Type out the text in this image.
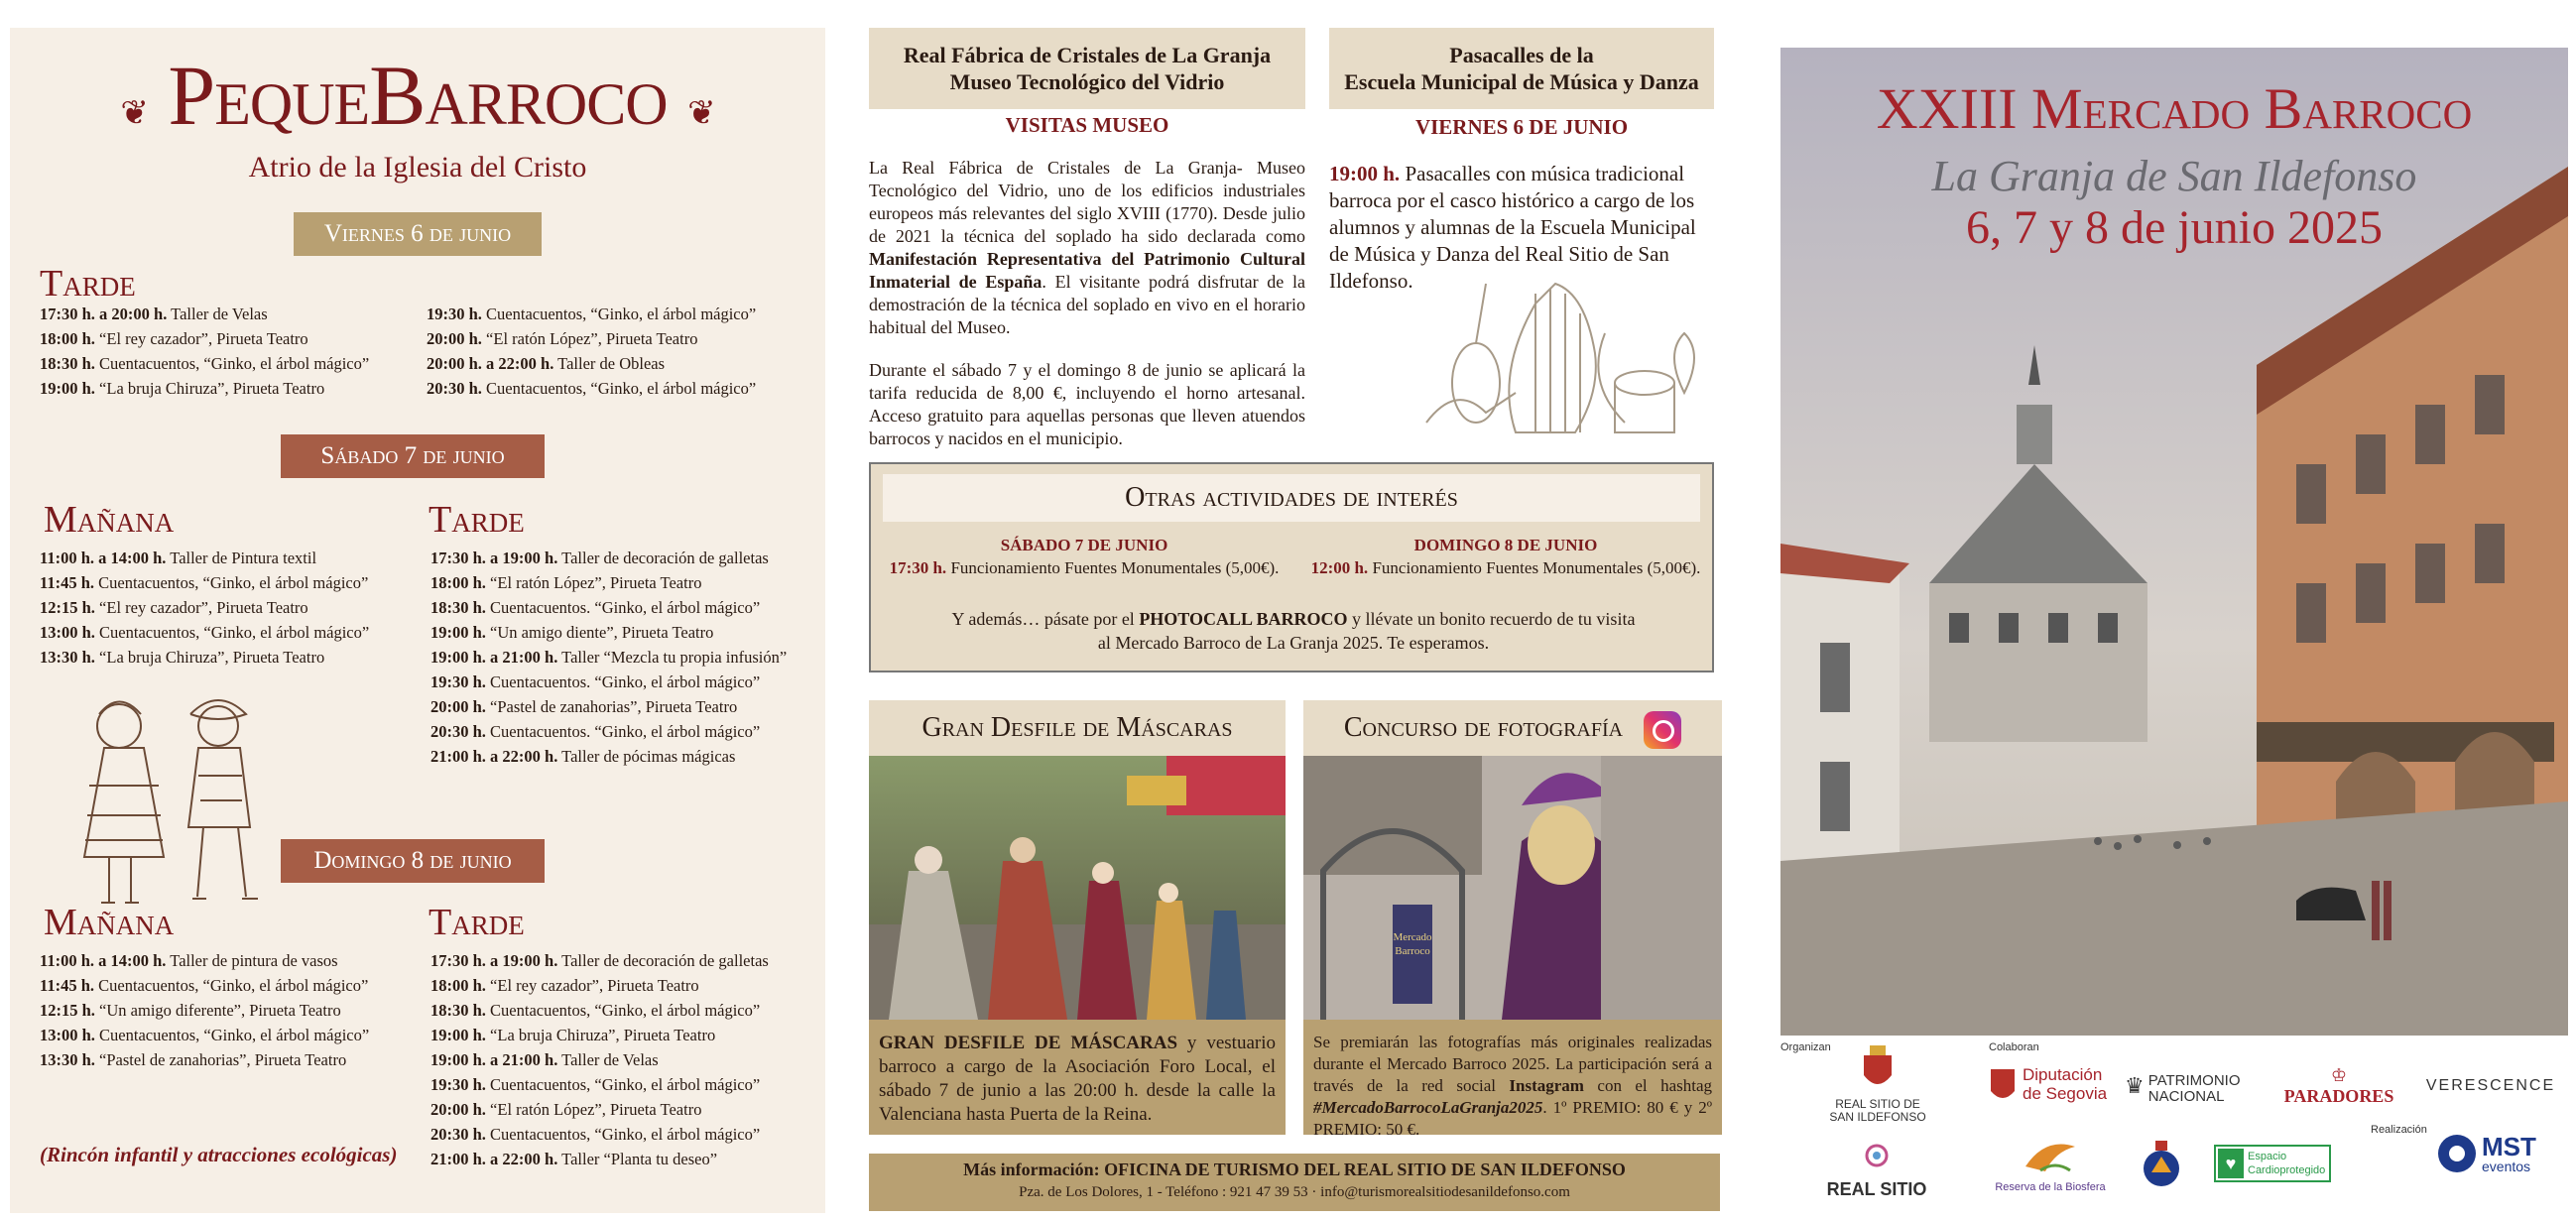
❦ PequeBarroco ❦
Atrio de la Iglesia del Cristo
Viernes 6 de junio
Tarde
17:30 h. a 20:00 h. Taller de Velas
18:00 h. “El rey cazador”, Pirueta Teatro
18:30 h. Cuentacuentos, “Ginko, el árbol mágico”
19:00 h. “La bruja Chiruza”, Pirueta Teatro
19:30 h. Cuentacuentos, “Ginko, el árbol mágico”
20:00 h. “El ratón López”, Pirueta Teatro
20:00 h. a 22:00 h. Taller de Obleas
20:30 h. Cuentacuentos, “Ginko, el árbol mágico”
Sábado 7 de junio
Mañana	Tarde
11:00 h. a 14:00 h. Taller de Pintura textil
11:45 h. Cuentacuentos, “Ginko, el árbol mágico”
12:15 h. “El rey cazador”, Pirueta Teatro
13:00 h. Cuentacuentos, “Ginko, el árbol mágico”
13:30 h. “La bruja Chiruza”, Pirueta Teatro
17:30 h. a 19:00 h. Taller de decoración de galletas
18:00 h. “El ratón López”, Pirueta Teatro
18:30 h. Cuentacuentos. “Ginko, el árbol mágico”
19:00 h. “Un amigo diente”, Pirueta Teatro
19:00 h. a 21:00 h. Taller “Mezcla tu propia infusión”
19:30 h. Cuentacuentos. “Ginko, el árbol mágico”
20:00 h. “Pastel de zanahorias”, Pirueta Teatro
20:30 h. Cuentacuentos. “Ginko, el árbol mágico”
21:00 h. a 22:00 h. Taller de pócimas mágicas
Domingo 8 de junio
Mañana	Tarde
11:00 h. a 14:00 h. Taller de pintura de vasos
11:45 h. Cuentacuentos, “Ginko, el árbol mágico”
12:15 h. “Un amigo diferente”, Pirueta Teatro
13:00 h. Cuentacuentos, “Ginko, el árbol mágico”
13:30 h. “Pastel de zanahorias”, Pirueta Teatro
17:30 h. a 19:00 h. Taller de decoración de galletas
18:00 h. “El rey cazador”, Pirueta Teatro
18:30 h. Cuentacuentos, “Ginko, el árbol mágico”
19:00 h. “La bruja Chiruza”, Pirueta Teatro
19:00 h. a 21:00 h. Taller de Velas
19:30 h. Cuentacuentos, “Ginko, el árbol mágico”
20:00 h. “El ratón López”, Pirueta Teatro
20:30 h. Cuentacuentos, “Ginko, el árbol mágico”
21:00 h. a 22:00 h. Taller “Planta tu deseo”
(Rincón infantil y atracciones ecológicas)
Real Fábrica de Cristales de La Granja
Museo Tecnológico del Vidrio
VISITAS MUSEO
La Real Fábrica de Cristales de La Granja- Museo Tecnológico del Vidrio, uno de los edificios industriales europeos más relevantes del siglo XVIII (1770). Desde julio de 2021 la técnica del soplado ha sido declarada como Manifestación Representativa del Patrimonio Cultural Inmaterial de España. El visitante podrá disfrutar de la demostración de la técnica del soplado en vivo en el horario habitual del Museo.
Durante el sábado 7 y el domingo 8 de junio se aplicará la tarifa reducida de 8,00 €, incluyendo el horno artesanal. Acceso gratuito para aquellas personas que lleven atuendos barrocos y nacidos en el municipio.
Pasacalles de la
Escuela Municipal de Música y Danza
VIERNES 6 DE JUNIO
19:00 h. Pasacalles con música tradicional barroca por el casco histórico a cargo de los alumnos y alumnas de la Escuela Municipal de Música y Danza del Real Sitio de San Ildefonso.
Otras actividades de interés
SÁBADO 7 DE JUNIO
17:30 h. Funcionamiento Fuentes Monumentales (5,00€).
DOMINGO 8 DE JUNIO
12:00 h. Funcionamiento Fuentes Monumentales (5,00€).
Y además… pásate por el PHOTOCALL BARROCO y llévate un bonito recuerdo de tu visita
al Mercado Barroco de La Granja 2025. Te esperamos.
Gran Desfile de Máscaras
GRAN DESFILE DE MÁSCARAS y vestuario barroco a cargo de la Asociación Foro Local, el sábado 7 de junio a las 20:00 h. desde la calle la Valenciana hasta Puerta de la Reina.
Concurso de fotografía
Mercado
Barroco
Se premiarán las fotografías más originales realizadas durante el Mercado Barroco 2025. La participación será a través de la red social Instagram con el hashtag #MercadoBarrocoLaGranja2025. 1º PREMIO: 80 € y 2º PREMIO: 50 €.
Más información: OFICINA DE TURISMO DEL REAL SITIO DE SAN ILDEFONSO
Pza. de Los Dolores, 1 - Teléfono : 921 47 39 53 · info@turismorealsitiodesanildefonso.com
XXIII Mercado Barroco
La Granja de San Ildefonso
6, 7 y 8 de junio 2025
Organizan	Colaboran
Realización
REAL SITIO DE
SAN ILDEFONSO
REAL SITIO
Diputación
de Segovia ♛ PATRIMONIO
NACIONAL
♔
PARADORES
VERESCENCE
Reserva de la Biosfera
♥	Espacio
Cardioprotegido
MST
eventos
